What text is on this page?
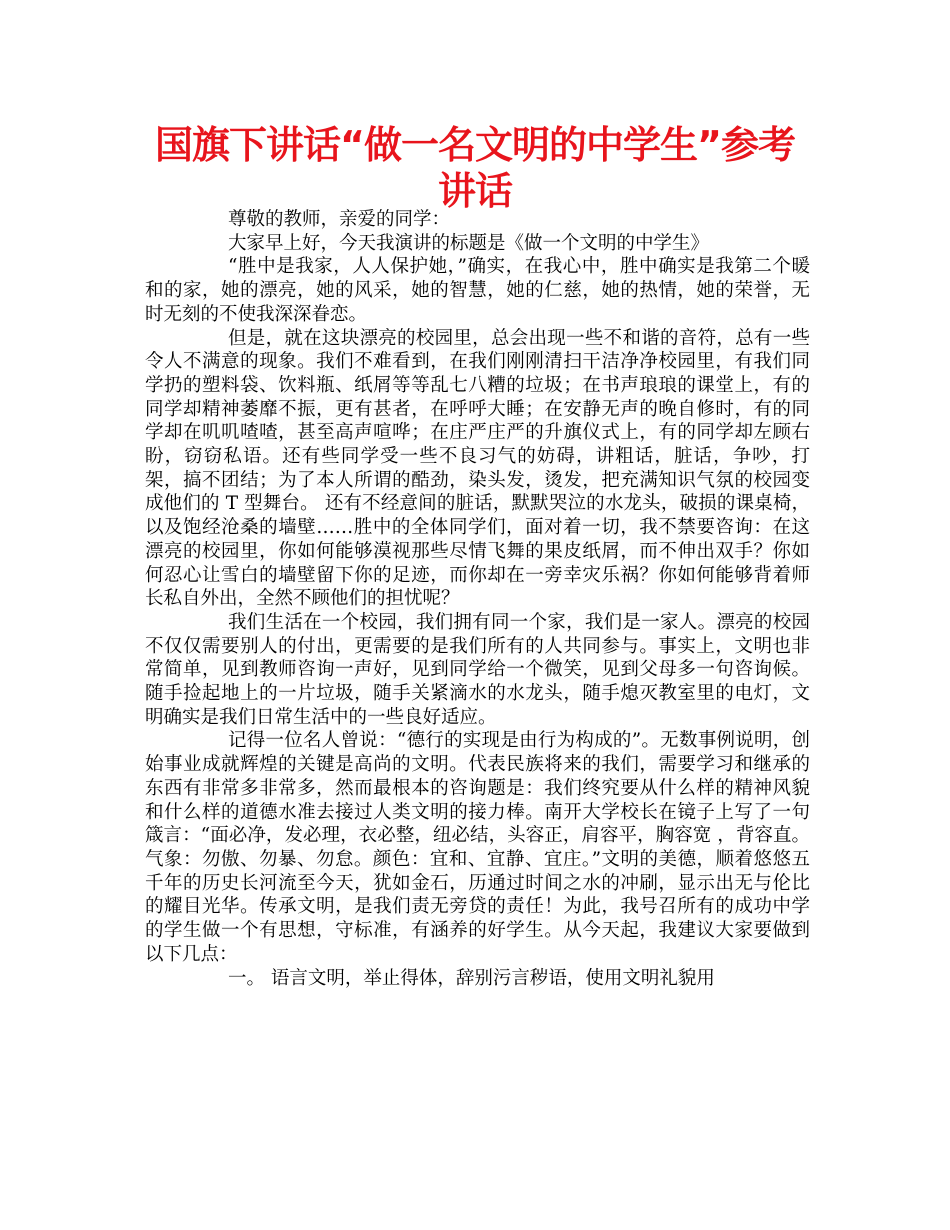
国旗下讲话“做一名文明的中学生”参考讲话

尊敬的教师，亲爱的同学：

大家早上好，今天我演讲的标题是《做一个文明的中学生》

“胜中是我家，人人保护她，”确实，在我心中，胜中确实是我第二个暖和的家，她的漂亮，她的风采，她的智慧，她的仁慈，她的热情，她的荣誉，无时无刻的不使我深深眷恋。

但是，就在这块漂亮的校园里，总会出现一些不和谐的音符，总有一些令人不满意的现象。我们不难看到，在我们刚刚清扫干洁净净校园里，有我们同学扔的塑料袋、饮料瓶、纸屑等等乱七八糟的垃圾；在书声琅琅的课堂上，有的同学却精神萎靡不振，更有甚者，在呼呼大睡；在安静无声的晚自修时，有的同学却在叽叽喳喳，甚至高声喧哗；在庄严庄严的升旗仪式上，有的同学却左顾右盼，窃窃私语。还有些同学受一些不良习气的妨碍，讲粗话，脏话，争吵，打架，搞不团结；为了本人所谓的酷劲，染头发，烫发，把充满知识气氛的校园变成他们的 T 型舞台。 还有不经意间的脏话，默默哭泣的水龙头，破损的课桌椅，以及饱经沧桑的墙壁……胜中的全体同学们，面对着一切，我不禁要咨询：在这漂亮的校园里，你如何能够漠视那些尽情飞舞的果皮纸屑，而不伸出双手？你如何忍心让雪白的墙壁留下你的足迹，而你却在一旁幸灾乐祸？你如何能够背着师长私自外出，全然不顾他们的担忧呢？

我们生活在一个校园，我们拥有同一个家，我们是一家人。漂亮的校园不仅仅需要别人的付出，更需要的是我们所有的人共同参与。事实上，文明也非常简单，见到教师咨询一声好，见到同学给一个微笑，见到父母多一句咨询候。随手捡起地上的一片垃圾，随手关紧滴水的水龙头，随手熄灭教室里的电灯，文明确实是我们日常生活中的一些良好适应。

记得一位名人曾说：“德行的实现是由行为构成的”。无数事例说明，创始事业成就辉煌的关键是高尚的文明。代表民族将来的我们，需要学习和继承的东西有非常多非常多，然而最根本的咨询题是：我们终究要从什么样的精神风貌和什么样的道德水准去接过人类文明的接力棒。南开大学校长在镜子上写了一句箴言：“面必净，发必理，衣必整，纽必结，头容正，肩容平，胸容宽 ，背容直。气象：勿傲、勿暴、勿怠。颜色：宜和、宜静、宜庄。”文明的美德，顺着悠悠五千年的历史长河流至今天，犹如金石，历通过时间之水的冲刷，显示出无与伦比的耀目光华。传承文明，是我们责无旁贷的责任！为此，我号召所有的成功中学的学生做一个有思想，守标准，有涵养的好学生。从今天起，我建议大家要做到以下几点：

一。 语言文明，举止得体，辞别污言秽语，使用文明礼貌用
